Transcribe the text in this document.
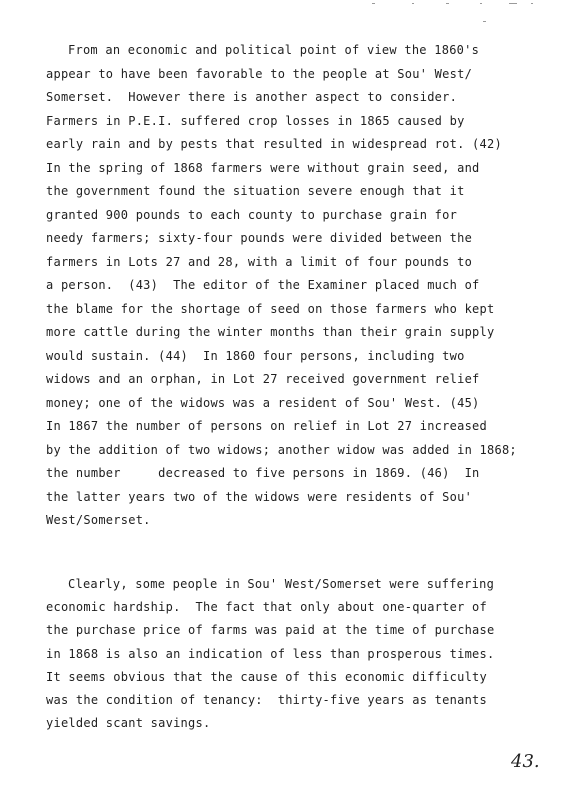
From an economic and political point of view the 1860's
appear to have been favorable to the people at Sou' West/
Somerset.  However there is another aspect to consider.
Farmers in P.E.I. suffered crop losses in 1865 caused by
early rain and by pests that resulted in widespread rot. (42)
In the spring of 1868 farmers were without grain seed, and
the government found the situation severe enough that it
granted 900 pounds to each county to purchase grain for
needy farmers; sixty-four pounds were divided between the
farmers in Lots 27 and 28, with a limit of four pounds to
a person.  (43)  The editor of the Examiner placed much of
the blame for the shortage of seed on those farmers who kept
more cattle during the winter months than their grain supply
would sustain. (44)  In 1860 four persons, including two
widows and an orphan, in Lot 27 received government relief
money; one of the widows was a resident of Sou' West. (45)
In 1867 the number of persons on relief in Lot 27 increased
by the addition of two widows; another widow was added in 1868;
the number     decreased to five persons in 1869. (46)  In
the latter years two of the widows were residents of Sou'
West/Somerset.
Clearly, some people in Sou' West/Somerset were suffering
economic hardship.  The fact that only about one-quarter of
the purchase price of farms was paid at the time of purchase
in 1868 is also an indication of less than prosperous times.
It seems obvious that the cause of this economic difficulty
was the condition of tenancy:  thirty-five years as tenants
yielded scant savings.
43.
